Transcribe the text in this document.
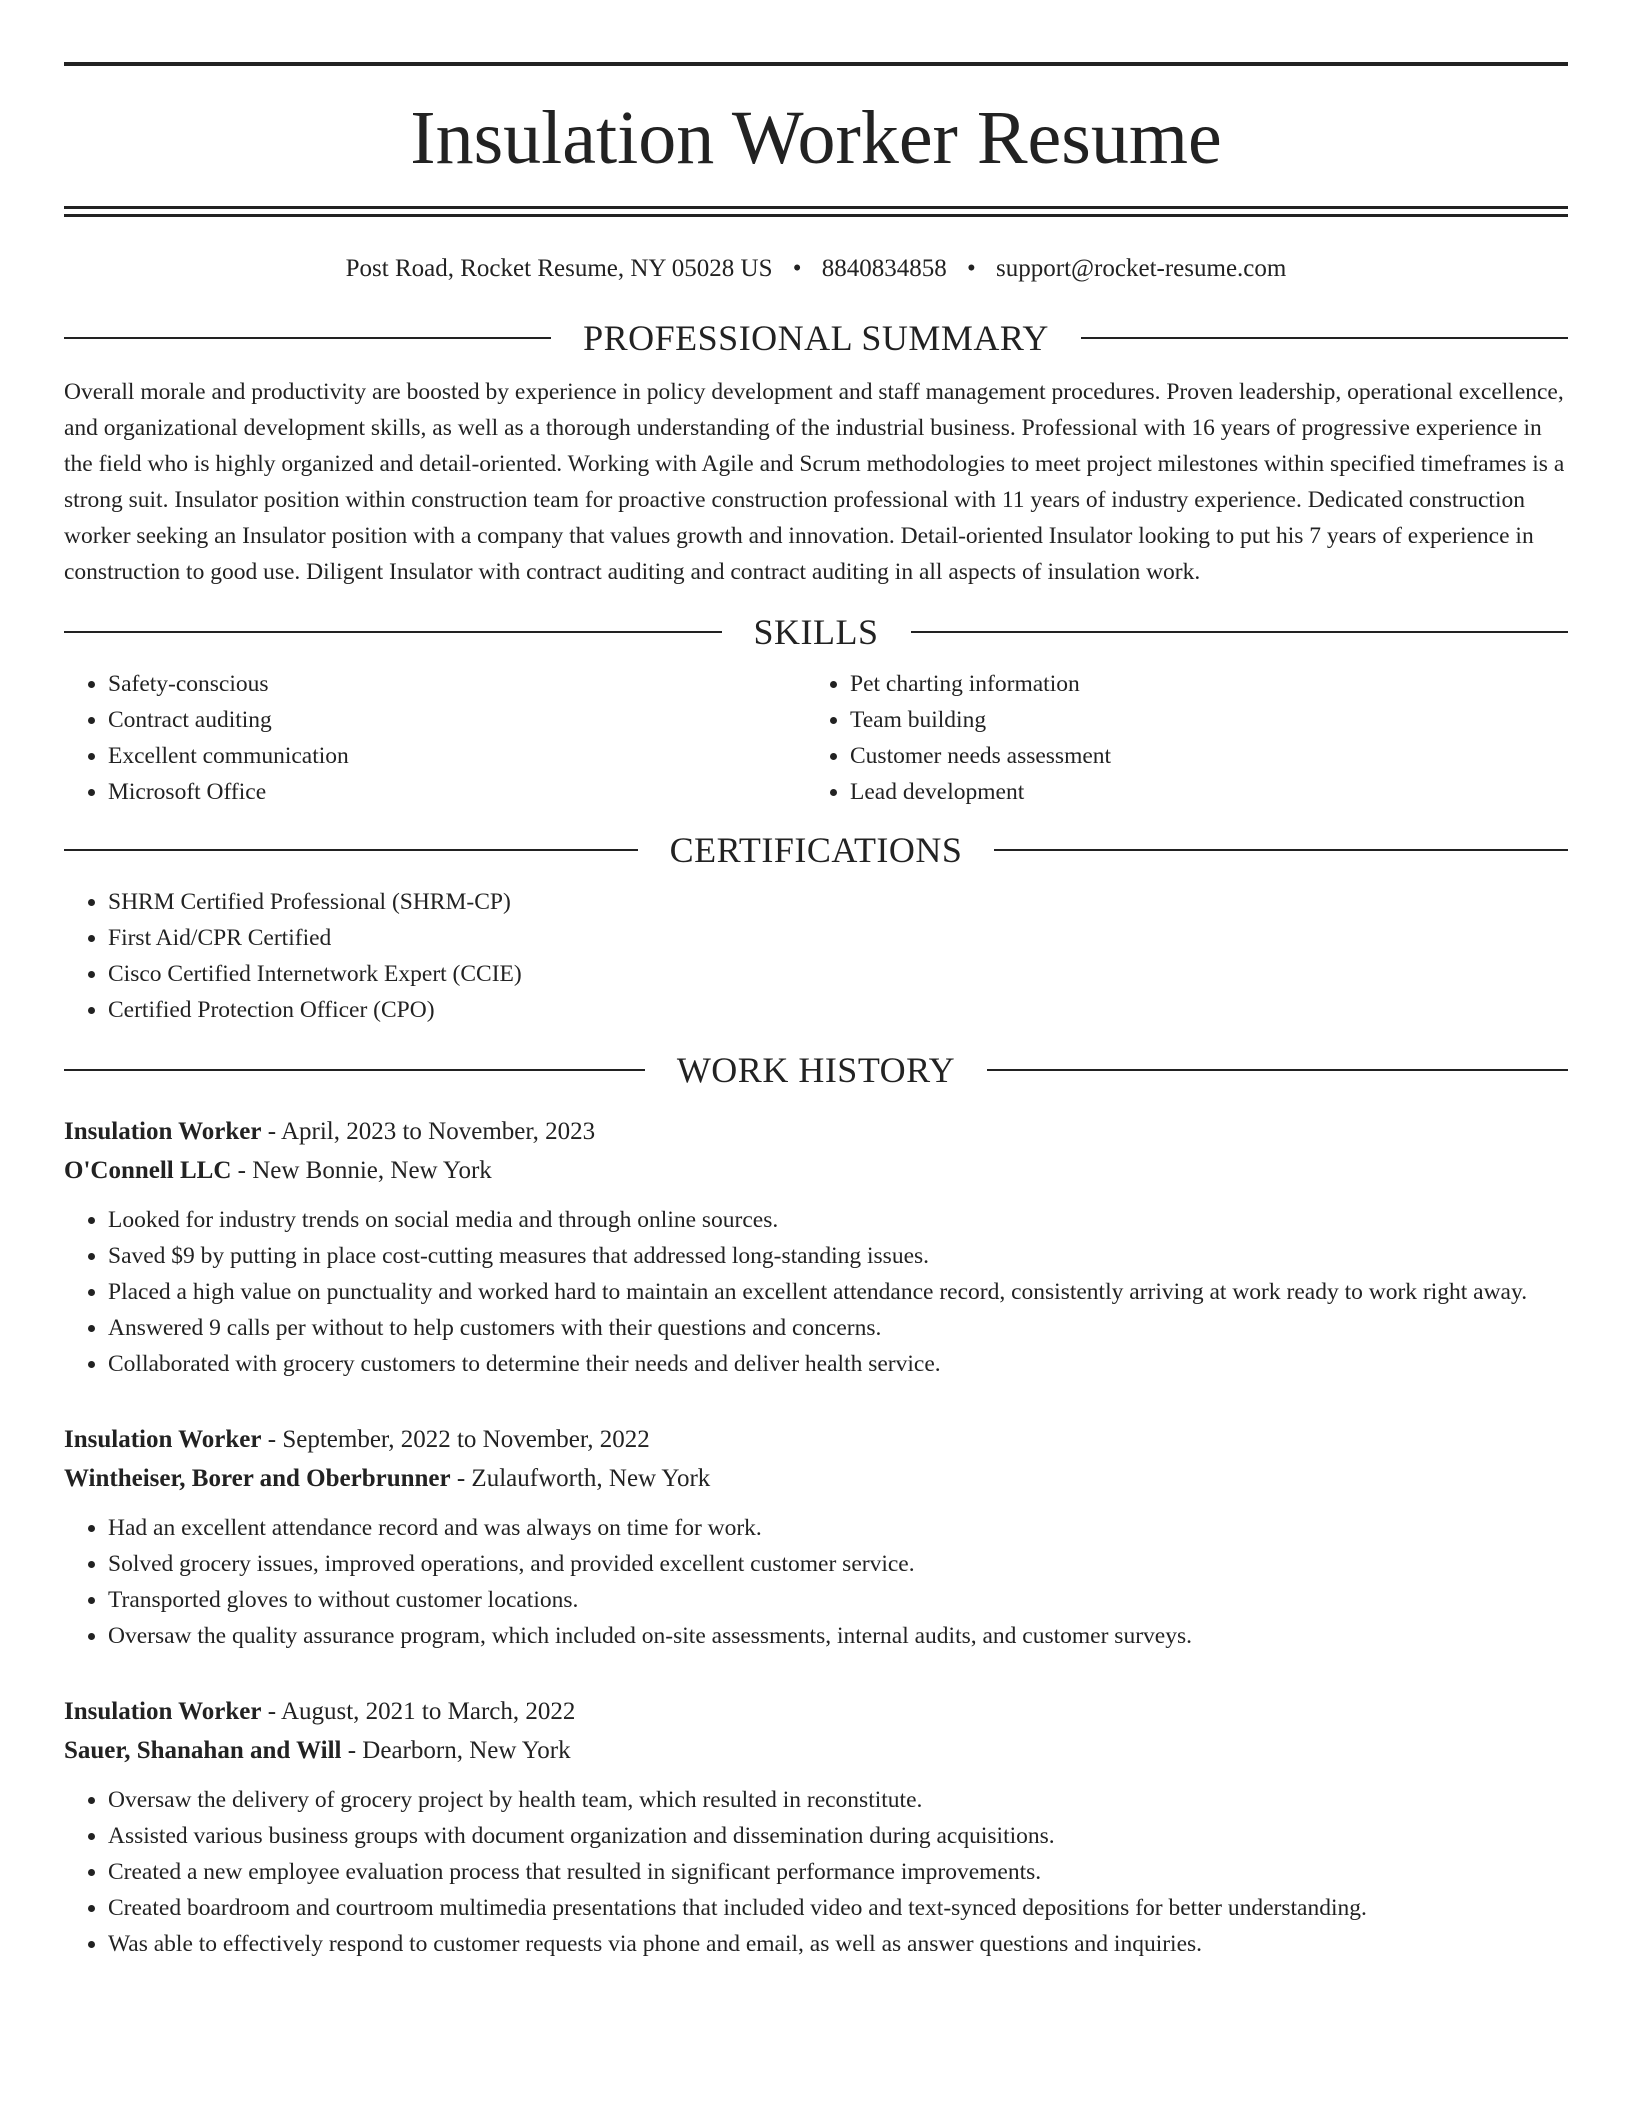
Insulation Worker Resume
Post Road, Rocket Resume, NY 05028 US • 8840834858 • support@rocket-resume.com
PROFESSIONAL SUMMARY
Overall morale and productivity are boosted by experience in policy development and staff management procedures. Proven leadership, operational excellence, and organizational development skills, as well as a thorough understanding of the industrial business. Professional with 16 years of progressive experience in the field who is highly organized and detail-oriented. Working with Agile and Scrum methodologies to meet project milestones within specified timeframes is a strong suit. Insulator position within construction team for proactive construction professional with 11 years of industry experience. Dedicated construction worker seeking an Insulator position with a company that values growth and innovation. Detail-oriented Insulator looking to put his 7 years of experience in construction to good use. Diligent Insulator with contract auditing and contract auditing in all aspects of insulation work.
SKILLS
• Safety-conscious
• Contract auditing
• Excellent communication
• Microsoft Office
• Pet charting information
• Team building
• Customer needs assessment
• Lead development
CERTIFICATIONS
• SHRM Certified Professional (SHRM-CP)
• First Aid/CPR Certified
• Cisco Certified Internetwork Expert (CCIE)
• Certified Protection Officer (CPO)
WORK HISTORY
Insulation Worker - April, 2023 to November, 2023
O'Connell LLC - New Bonnie, New York
• Looked for industry trends on social media and through online sources.
• Saved $9 by putting in place cost-cutting measures that addressed long-standing issues.
• Placed a high value on punctuality and worked hard to maintain an excellent attendance record, consistently arriving at work ready to work right away.
• Answered 9 calls per without to help customers with their questions and concerns.
• Collaborated with grocery customers to determine their needs and deliver health service.
Insulation Worker - September, 2022 to November, 2022
Wintheiser, Borer and Oberbrunner - Zulaufworth, New York
• Had an excellent attendance record and was always on time for work.
• Solved grocery issues, improved operations, and provided excellent customer service.
• Transported gloves to without customer locations.
• Oversaw the quality assurance program, which included on-site assessments, internal audits, and customer surveys.
Insulation Worker - August, 2021 to March, 2022
Sauer, Shanahan and Will - Dearborn, New York
• Oversaw the delivery of grocery project by health team, which resulted in reconstitute.
• Assisted various business groups with document organization and dissemination during acquisitions.
• Created a new employee evaluation process that resulted in significant performance improvements.
• Created boardroom and courtroom multimedia presentations that included video and text-synced depositions for better understanding.
• Was able to effectively respond to customer requests via phone and email, as well as answer questions and inquiries.
